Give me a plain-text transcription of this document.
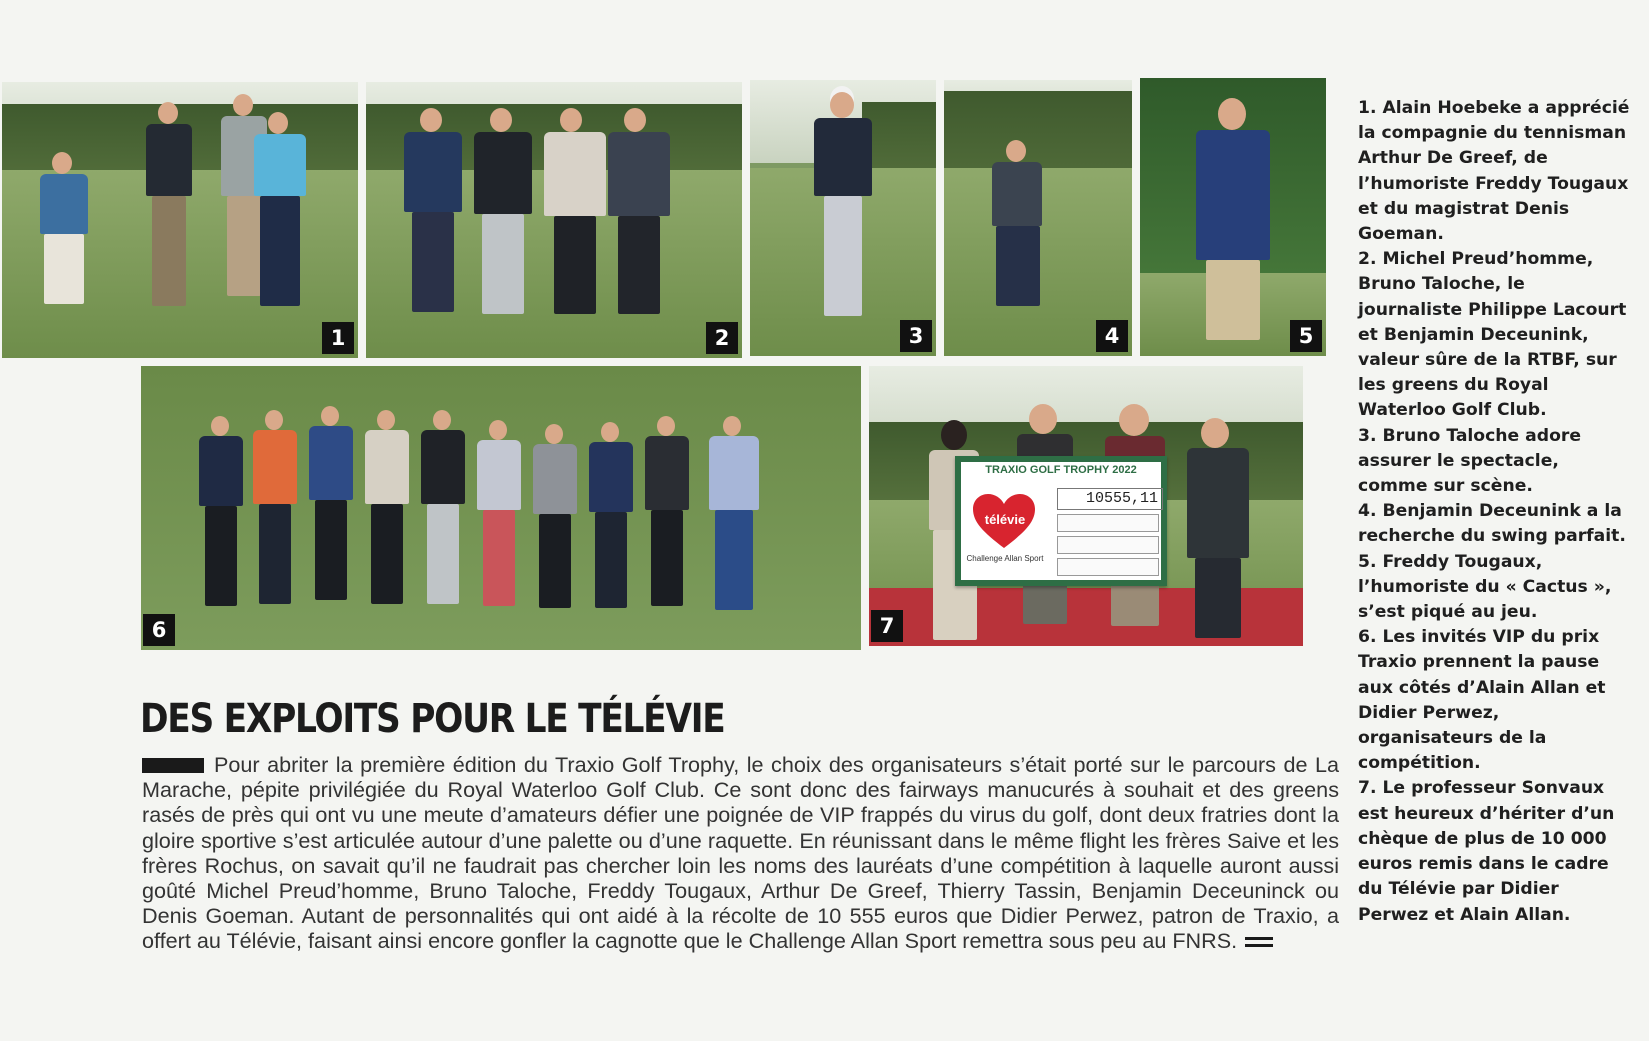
1	2	3	4	5
6
TRAXIO GOLF TROPHY 2022
télévie
Challenge Allan Sport
10555,11
7
DES EXPLOITS POUR LE TÉLÉVIE
Pour abriter la première édition du Traxio Golf Trophy, le choix des organisateurs s’était porté sur le parcours de La Marache, pépite privilégiée du Royal Waterloo Golf Club. Ce sont donc des fairways manucurés à souhait et des greens rasés de près qui ont vu une meute d’amateurs défier une poignée de VIP frappés du virus du golf, dont deux fratries dont la gloire sportive s’est articulée autour d’une palette ou d’une raquette. En réunissant dans le même flight les frères Saive et les frères Rochus, on savait qu’il ne faudrait pas chercher loin les noms des lauréats d’une compétition à laquelle auront aussi goûté Michel Preud’homme, Bruno Taloche, Freddy Tougaux, Arthur De Greef, Thierry Tassin, Benjamin Deceuninck ou Denis Goeman. Autant de personnalités qui ont aidé à la récolte de 10 555 euros que Didier Perwez, patron de Traxio, a offert au Télévie, faisant ainsi encore gonfler la cagnotte que le Challenge Allan Sport remettra sous peu au FNRS.

1. Alain Hoebeke a apprécié la compagnie du tennisman Arthur De Greef, de l’humoriste Freddy Tougaux et du magistrat Denis Goeman.

2. Michel Preud’homme, Bruno Taloche, le journaliste Philippe Lacourt et Benjamin Deceunink, valeur sûre de la RTBF, sur les greens du Royal Waterloo Golf Club.

3. Bruno Taloche adore assurer le spectacle, comme sur scène.

4. Benjamin Deceunink a la recherche du swing parfait.

5. Freddy Tougaux, l’humoriste du « Cactus », s’est piqué au jeu.

6. Les invités VIP du prix Traxio prennent la pause aux côtés d’Alain Allan et Didier Perwez, organisateurs de la compétition.

7. Le professeur Sonvaux est heureux d’hériter d’un chèque de plus de 10 000 euros remis dans le cadre du Télévie par Didier Perwez et Alain Allan.
